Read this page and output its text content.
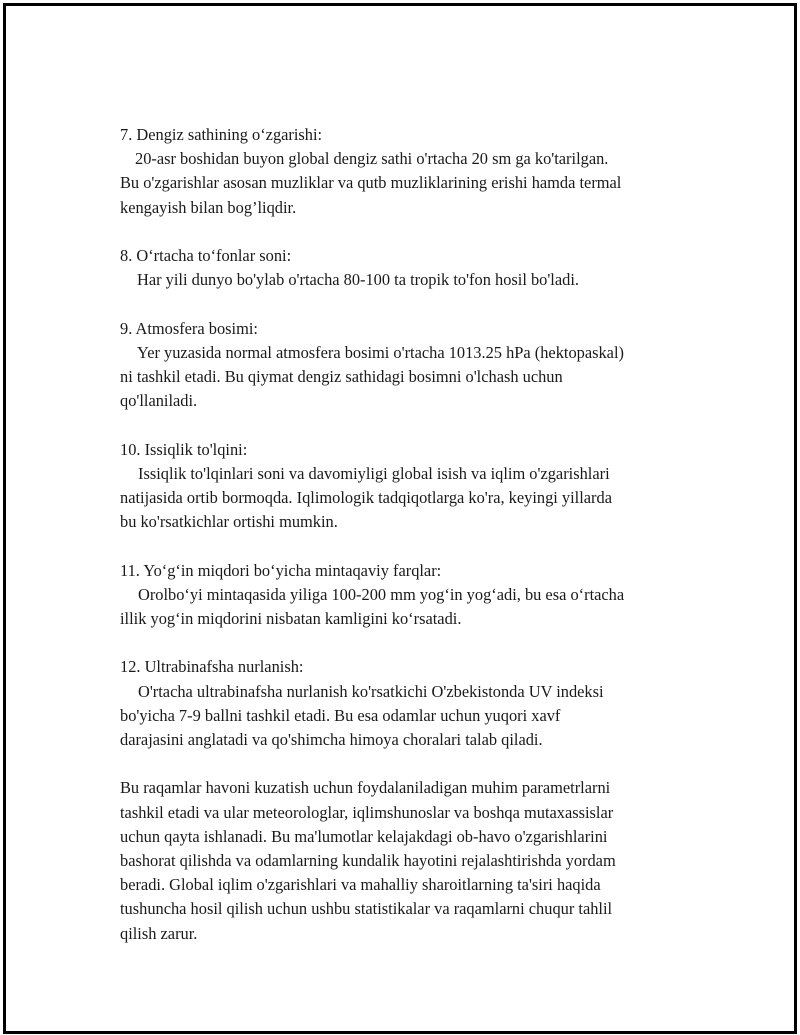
7. Dengiz sathining o‘zgarishi:
20-asr boshidan buyon global dengiz sathi o'rtacha 20 sm ga ko'tarilgan.
Bu o'zgarishlar asosan muzliklar va qutb muzliklarining erishi hamda termal
kengayish bilan bog’liqdir.
8. O‘rtacha to‘fonlar soni:
Har yili dunyo bo'ylab o'rtacha 80-100 ta tropik to'fon hosil bo'ladi.
9. Atmosfera bosimi:
Yer yuzasida normal atmosfera bosimi o'rtacha 1013.25 hPa (hektopaskal)
ni tashkil etadi. Bu qiymat dengiz sathidagi bosimni o'lchash uchun
qo'llaniladi.
10. Issiqlik to'lqini:
Issiqlik to'lqinlari soni va davomiyligi global isish va iqlim o'zgarishlari
natijasida ortib bormoqda. Iqlimologik tadqiqotlarga ko'ra, keyingi yillarda
bu ko'rsatkichlar ortishi mumkin.
11. Yo‘g‘in miqdori bo‘yicha mintaqaviy farqlar:
Orolbo‘yi mintaqasida yiliga 100-200 mm yog‘in yog‘adi, bu esa o‘rtacha
illik yog‘in miqdorini nisbatan kamligini ko‘rsatadi.
12. Ultrabinafsha nurlanish:
O'rtacha ultrabinafsha nurlanish ko'rsatkichi O'zbekistonda UV indeksi
bo'yicha 7-9 ballni tashkil etadi. Bu esa odamlar uchun yuqori xavf
darajasini anglatadi va qo'shimcha himoya choralari talab qiladi.
Bu raqamlar havoni kuzatish uchun foydalaniladigan muhim parametrlarni
tashkil etadi va ular meteorologlar, iqlimshunoslar va boshqa mutaxassislar
uchun qayta ishlanadi. Bu ma'lumotlar kelajakdagi ob-havo o'zgarishlarini
bashorat qilishda va odamlarning kundalik hayotini rejalashtirishda yordam
beradi. Global iqlim o'zgarishlari va mahalliy sharoitlarning ta'siri haqida
tushuncha hosil qilish uchun ushbu statistikalar va raqamlarni chuqur tahlil
qilish zarur.
